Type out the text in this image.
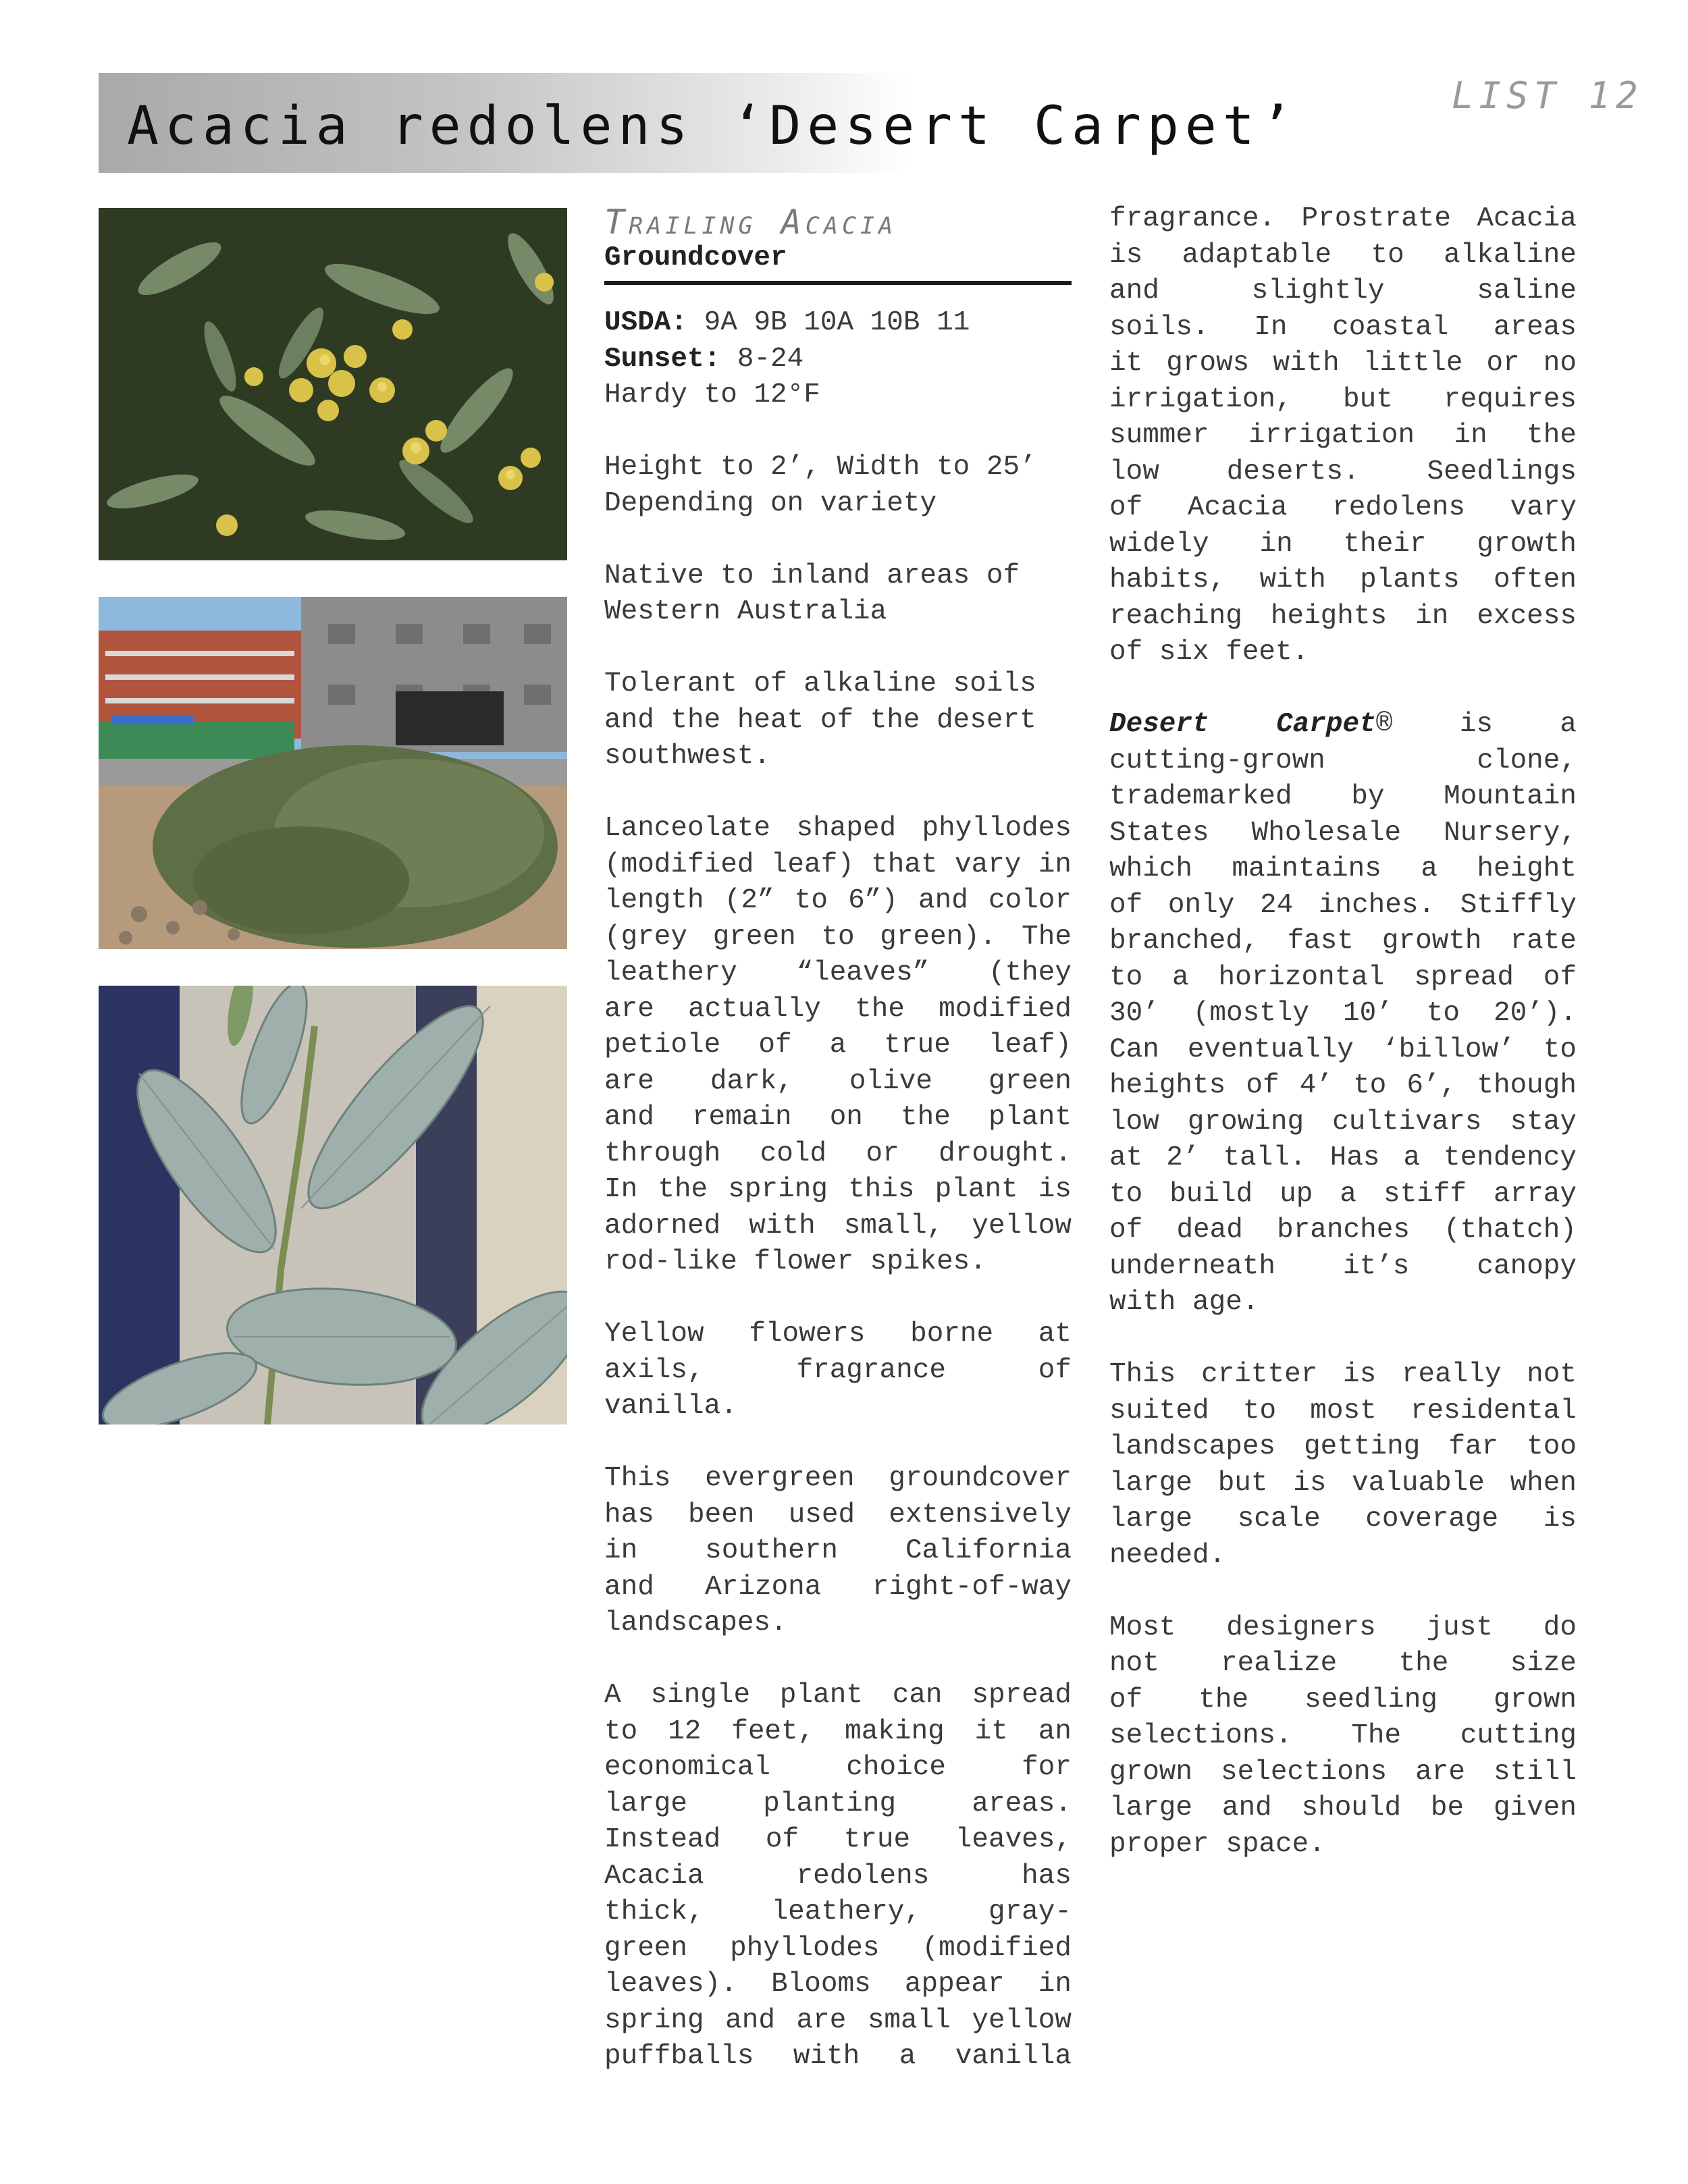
Acacia redolens ‘Desert Carpet’
LIST 12
Trailing Acacia
Groundcover

USDA: 9A 9B 10A 10B 11

Sunset: 8-24

Hardy to 12°F

Height to 2’, Width to 25’

Depending on variety

Native to inland areas of

Western Australia

Tolerant of alkaline soils

and the heat of the desert

southwest.

Lanceolate shaped phyllodes

(modified leaf) that vary in

length (2” to 6”) and color

(grey green to green). The

leathery “leaves” (they

are actually the modified

petiole of a true leaf)

are dark, olive green

and remain on the plant

through cold or drought.

In the spring this plant is

adorned with small, yellow

rod-like flower spikes.

Yellow flowers borne at

axils, fragrance of

vanilla.

This evergreen groundcover

has been used extensively

in southern California

and Arizona right-of-way

landscapes.

A single plant can spread

to 12 feet, making it an

economical choice for

large planting areas.

Instead of true leaves,

Acacia redolens has

thick, leathery, gray-

green phyllodes (modified

leaves). Blooms appear in

spring and are small yellow

puffballs with a vanilla

fragrance. Prostrate Acacia

is adaptable to alkaline

and slightly saline

soils. In coastal areas

it grows with little or no

irrigation, but requires

summer irrigation in the

low deserts. Seedlings

of Acacia redolens vary

widely in their growth

habits, with plants often

reaching heights in excess

of six feet.

Desert Carpet® is a

cutting-grown clone,

trademarked by Mountain

States Wholesale Nursery,

which maintains a height

of only 24 inches. Stiffly

branched, fast growth rate

to a horizontal spread of

30’ (mostly 10’ to 20’).

Can eventually ‘billow’ to

heights of 4’ to 6’, though

low growing cultivars stay

at 2’ tall. Has a tendency

to build up a stiff array

of dead branches (thatch)

underneath it’s canopy

with age.

This critter is really not

suited to most residental

landscapes getting far too

large but is valuable when

large scale coverage is

needed.

Most designers just do

not realize the size

of the seedling grown

selections. The cutting

grown selections are still

large and should be given

proper space.
